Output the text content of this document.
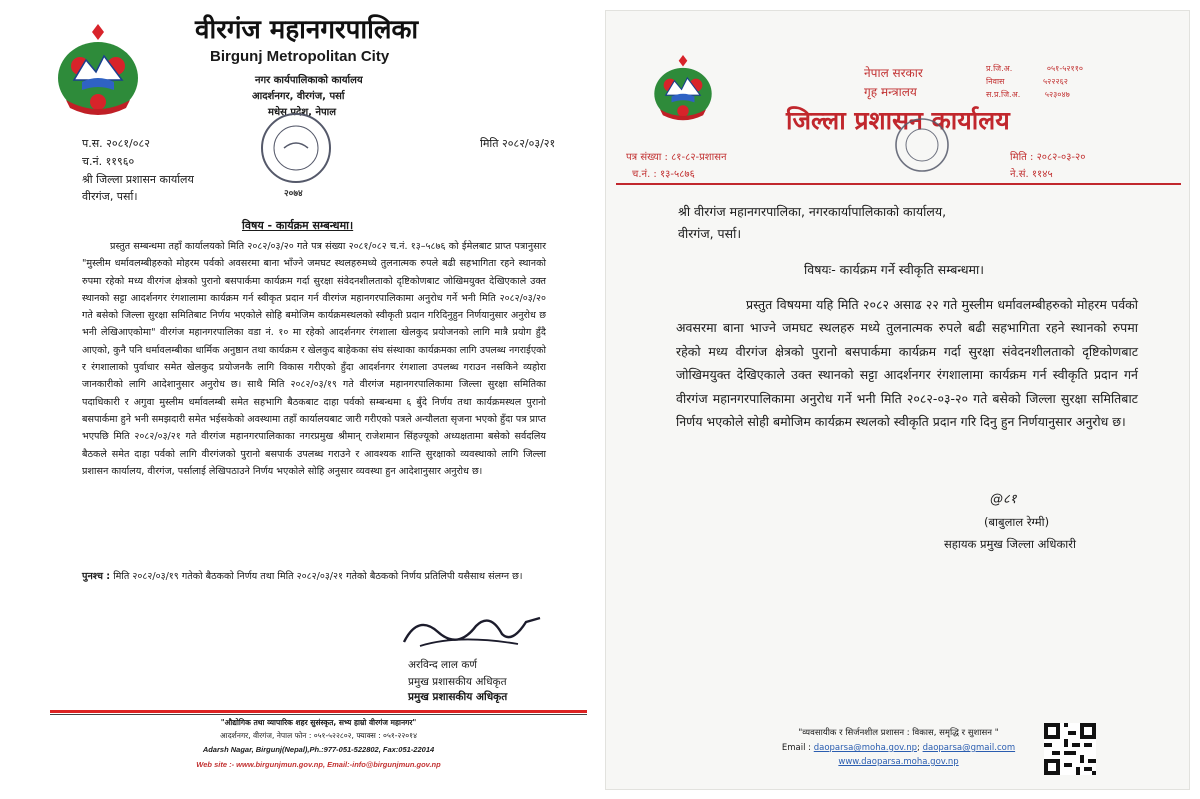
वीरगंज महानगरपालिका
Birgunj Metropolitan City
नगर कार्यपालिकाको कार्यालय
आदर्शनगर, वीरगंज, पर्सा
मधेस प्रदेश, नेपाल
२०७४
प.स. २०८१/०८२
च.नं. ११९६०
मिति २०८२/०३/२१
श्री जिल्ला प्रशासन कार्यालय
वीरगंज, पर्सा।
विषय - कार्यक्रम सम्बन्धमा।

प्रस्तुत सम्बन्धमा तहाँ कार्यालयको मिति २०८२/०३/२० गते पत्र संख्या २०८१/०८२ च.नं. १३–५८७६ को ईमेलबाट प्राप्त पत्रानुसार "मुस्लीम धर्मावलम्बीहरुको मोहरम पर्वको अवसरमा बाना भाँज्ने जमघट स्थलहरुमध्ये तुलनात्मक रुपले बढी सहभागिता रहने स्थानको रुपमा रहेको मध्य वीरगंज क्षेत्रको पुरानो बसपार्कमा कार्यक्रम गर्दा सुरक्षा संवेदनशीलताको दृष्टिकोणबाट जोखिमयुक्त देखिएकाले उक्त स्थानको सट्टा आदर्शनगर रंगशालामा कार्यक्रम गर्न स्वीकृत प्रदान गर्न वीरगंज महानगरपालिकामा अनुरोध गर्ने भनी मिति २०८२/०३/२० गते बसेको जिल्ला सुरक्षा समितिबाट निर्णय भएकोले सोहि बमोजिम कार्यक्रमस्थलको स्वीकृती प्रदान गरिदिनुहुन निर्णयानुसार अनुरोध छ भनी लेखिआएकोमा" वीरगंज महानगरपालिका वडा नं. १० मा रहेको आदर्शनगर रंगशाला खेलकुद प्रयोजनको लागि मात्रै प्रयोग हुँदै आएको, कुनै पनि धर्मावलम्बीका धार्मिक अनुष्ठान तथा कार्यक्रम र खेलकुद बाहेकका संघ संस्थाका कार्यक्रमका लागि उपलब्ध नगराईएको र रंगशालाको पुर्वाधार समेत खेलकुद प्रयोजनकै लागि विकास गरीएको हुँदा आदर्शनगर रंगशाला उपलब्ध गराउन नसकिने व्यहोरा जानकारीको लागि आदेशानुसार अनुरोध छ। साथै मिति २०८२/०३/१९ गते वीरगंज महानगरपालिकामा जिल्ला सुरक्षा समितिका पदाधिकारी र अगुवा मुस्लीम धर्मावलम्बी समेत सहभागि बैठकबाट दाहा पर्वको सम्बन्धमा ६ बुँदे निर्णय तथा कार्यक्रमस्थल पुरानो बसपार्कमा हुने भनी समझदारी समेत भईसकेको अवस्थामा तहाँ कार्यालयबाट जारी गरीएको पत्रले अन्यौलता सृजना भएको हुँदा पत्र प्राप्त भएपछि मिति २०८२/०३/२१ गते वीरगंज महानगरपालिकाका नगरप्रमुख श्रीमान् राजेशमान सिंहज्यूको अध्यक्षतामा बसेको सर्वदलिय बैठकले समेत दाहा पर्वको लागि वीरगंजको पुरानो बसपार्क उपलब्ध गराउने र आवश्यक शान्ति सुरक्षाको व्यवस्थाको लागि जिल्ला प्रशासन कार्यालय, वीरगंज, पर्सालाई लेखिपठाउने निर्णय भएकोले सोहि अनुसार व्यवस्था हुन आदेशानुसार अनुरोध छ।

पुनश्च : मिति २०८२/०३/१९ गतेको बैठकको निर्णय तथा मिति २०८२/०३/२१ गतेको बैठकको निर्णय प्रतिलिपी यसैसाथ संलग्न छ।

अरविन्द लाल कर्ण
प्रमुख प्रशासकीय अधिकृत
प्रमुख प्रशासकीय अधिकृत
"औद्योगिक तथा व्यापारिक शहर सुसंस्कृत, सभ्य हाम्रो वीरगंज महानगर"
आदर्शनगर, वीरगंज, नेपाल फोन : ०५१-५२२८०२, फ्याक्स : ०५१-२२०१४
Adarsh Nagar, Birgunj(Nepal),Ph.:977-051-522802, Fax:051-22014
Web site :- www.birgunjmun.gov.np, Email:-info@birgunjmun.gov.np
नेपाल सरकार
गृह मन्त्रालय
प्र.जि.अ.	०५१-५२११०
निवास	५२२२६२
स.प्र.जि.अ.	५२३०४७
जिल्ला प्रशासन कार्यालय
पत्र संख्या : ८१-८२-प्रशासन
च.नं. : १३-५८७६
मिति : २०८२-०३-२०
ने.सं. ११४५
श्री वीरगंज महानगरपालिका, नगरकार्यापालिकाको कार्यालय,
वीरगंज, पर्सा।
विषयः- कार्यक्रम गर्ने स्वीकृति सम्बन्धमा।

प्रस्तुत विषयमा यहि मिति २०८२ असाढ २२ गते मुस्लीम धर्मावलम्बीहरुको मोहरम पर्वको अवसरमा बाना भाज्ने जमघट स्थलहरु मध्ये तुलनात्मक रुपले बढी सहभागिता रहने स्थानको रुपमा रहेको मध्य वीरगंज क्षेत्रको पुरानो बसपार्कमा कार्यक्रम गर्दा सुरक्षा संवेदनशीलताको दृष्टिकोणबाट जोखिमयुक्त देखिएकाले उक्त स्थानको सट्टा आदर्शनगर रंगशालामा कार्यक्रम गर्न स्वीकृति प्रदान गर्न वीरगंज महानगरपालिकामा अनुरोध गर्ने भनी मिति २०८२-०३-२० गते बसेको जिल्ला सुरक्षा समितिबाट निर्णय भएकोले सोही बमोजिम कार्यक्रम स्थलको स्वीकृति प्रदान गरि दिनु हुन निर्णयानुसार अनुरोध छ।

@८१
(बाबुलाल रेग्मी)
सहायक प्रमुख जिल्ला अधिकारी
"व्यवसायीक र सिर्जनशील प्रशासन : विकास, समृद्धि र सुशासन "
Email : daoparsa@moha.gov.np; daoparsa@gmail.com
www.daoparsa.moha.gov.np
